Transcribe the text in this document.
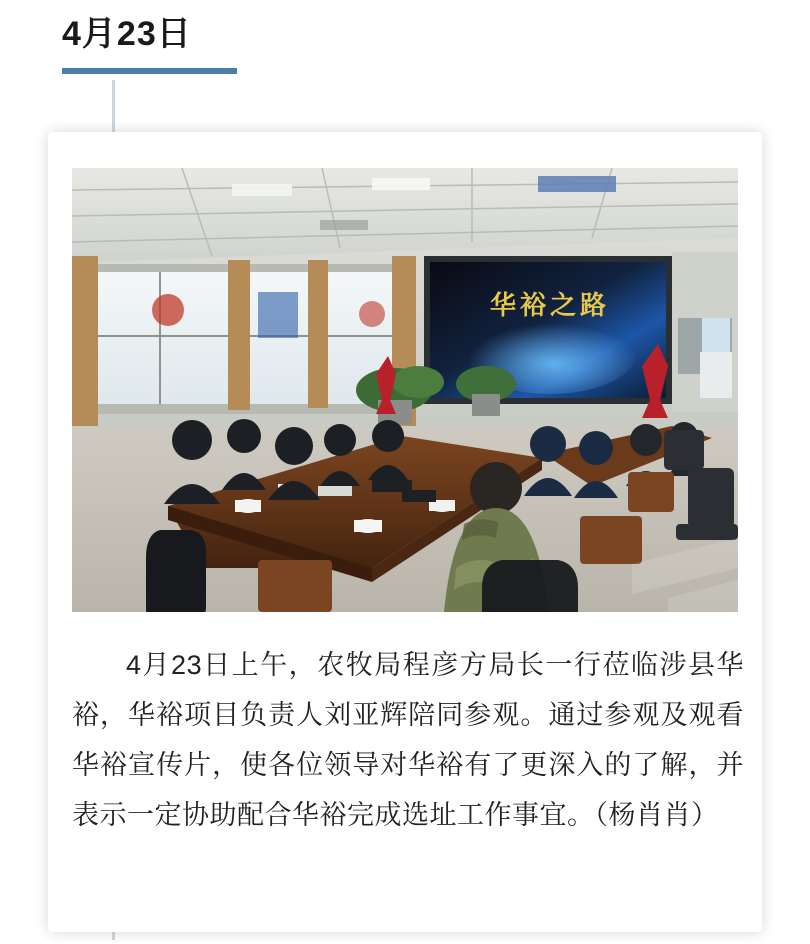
4月23日
华裕之路
4月23日上午，农牧局程彦方局长一行莅临涉县华裕，华裕项目负责人刘亚辉陪同参观。通过参观及观看华裕宣传片，使各位领导对华裕有了更深入的了解，并表示一定协助配合华裕完成选址工作事宜。（杨肖肖）
